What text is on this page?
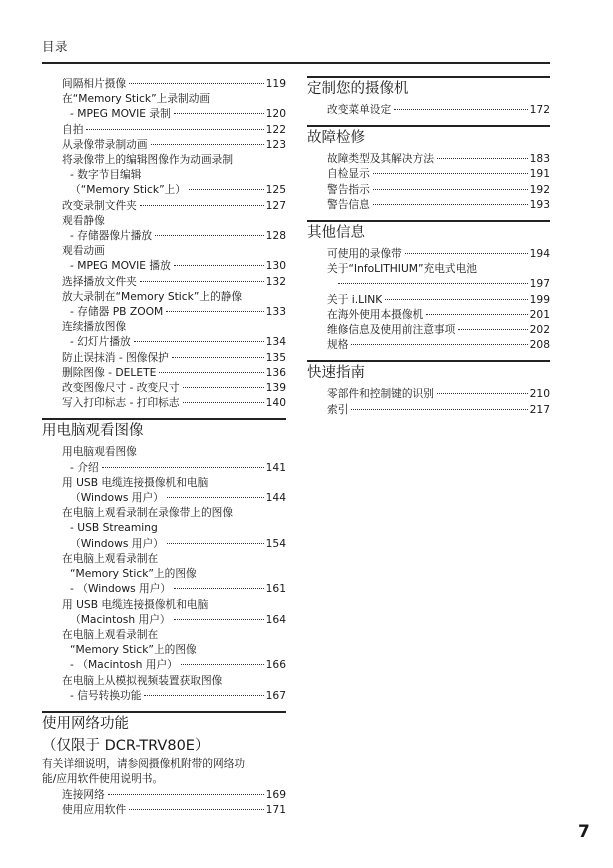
目录
间隔相片摄像	119
在“Memory Stick”上录制动画
- MPEG MOVIE 录制	120
自拍	122
从录像带录制动画	123
将录像带上的编辑图像作为动画录制
- 数字节目编辑
（“Memory Stick”上）	125
改变录制文件夹	127
观看静像
- 存储器像片播放	128
观看动画
- MPEG MOVIE 播放	130
选择播放文件夹	132
放大录制在“Memory Stick”上的静像
- 存储器 PB ZOOM	133
连续播放图像
- 幻灯片播放	134
防止误抹消 - 图像保护	135
删除图像 - DELETE	136
改变图像尺寸 - 改变尺寸	139
写入打印标志 - 打印标志	140
用电脑观看图像
用电脑观看图像
- 介绍	141
用 USB 电缆连接摄像机和电脑
（Windows 用户）	144
在电脑上观看录制在录像带上的图像
- USB Streaming
（Windows 用户）	154
在电脑上观看录制在
“Memory Stick”上的图像
- （Windows 用户）	161
用 USB 电缆连接摄像机和电脑
（Macintosh 用户）	164
在电脑上观看录制在
“Memory Stick”上的图像
- （Macintosh 用户）	166
在电脑上从模拟视频装置获取图像
- 信号转换功能	167
使用网络功能
（仅限于 DCR-TRV80E）
有关详细说明，请参阅摄像机附带的网络功
能/应用软件使用说明书。
连接网络	169
使用应用软件	171
定制您的摄像机
改变菜单设定	172
故障检修
故障类型及其解决方法	183
自检显示	191
警告指示	192
警告信息	193
其他信息
可使用的录像带	194
关于“InfoLITHIUM”充电式电池
197
关于 i.LINK	199
在海外使用本摄像机	201
维修信息及使用前注意事项	202
规格	208
快速指南
零部件和控制键的识别	210
索引	217
7
